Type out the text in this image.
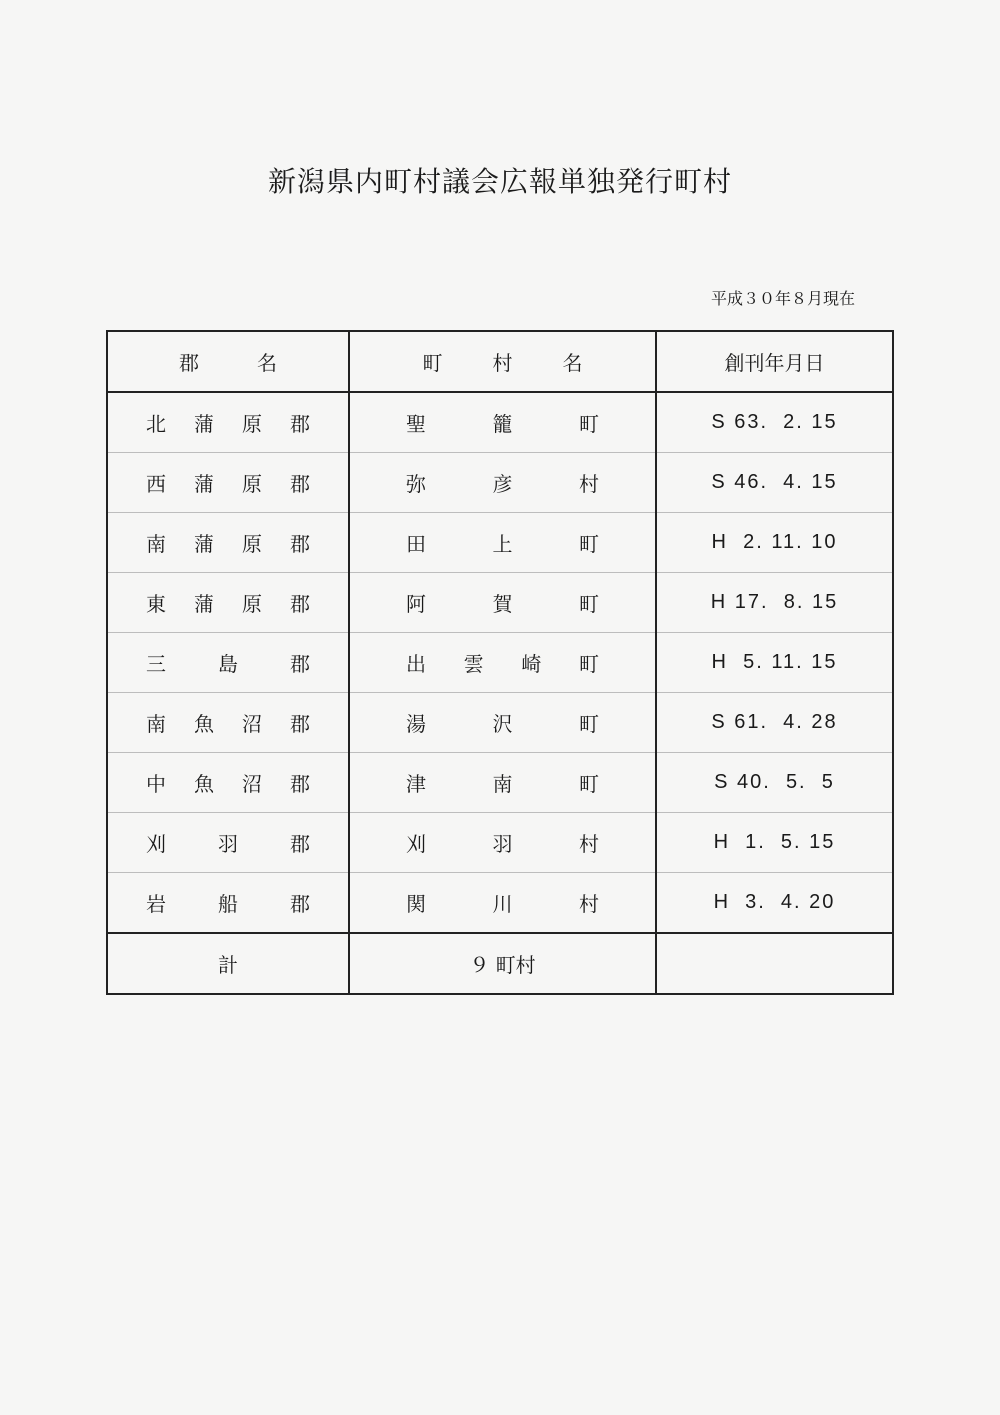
新潟県内町村議会広報単独発行町村
平成３０年８月現在
郡 名	町 村 名	創刊年月日

北 蒲 原 郡	聖 籠 町	S 63.  2. 15

西 蒲 原 郡	弥 彦 村	S 46.  4. 15

南 蒲 原 郡	田 上 町	H  2. 11. 10

東 蒲 原 郡	阿 賀 町	H 17.  8. 15

三 島 郡	出 雲 崎 町	H  5. 11. 15

南 魚 沼 郡	湯 沢 町	S 61.  4. 28

中 魚 沼 郡	津 南 町	S 40.  5.  5

刈 羽 郡	刈 羽 村	H  1.  5. 15

岩 船 郡	関 川 村	H  3.  4. 20
計	９ 町村	
